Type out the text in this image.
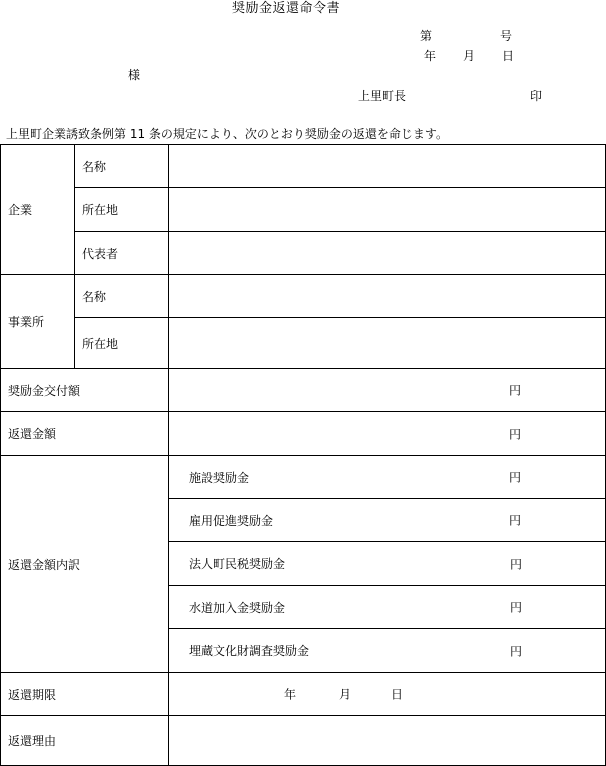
奨励金返還命令書
第	号
年 月 日
様
上里町長	印
上里町企業誘致条例第 11 条の規定により、次のとおり奨励金の返還を命じます。
企業	名称	
	所在地	
	代表者	
事業所	名称	
	所在地	
奨励金交付額		円

返還金額		円

返還金額内訳		施設奨励金 円

		雇用促進奨励金 円

		法人町民税奨励金 円

		水道加入金奨励金 円

		埋蔵文化財調査奨励金 円

返還期限		年 月 日

返還理由		
